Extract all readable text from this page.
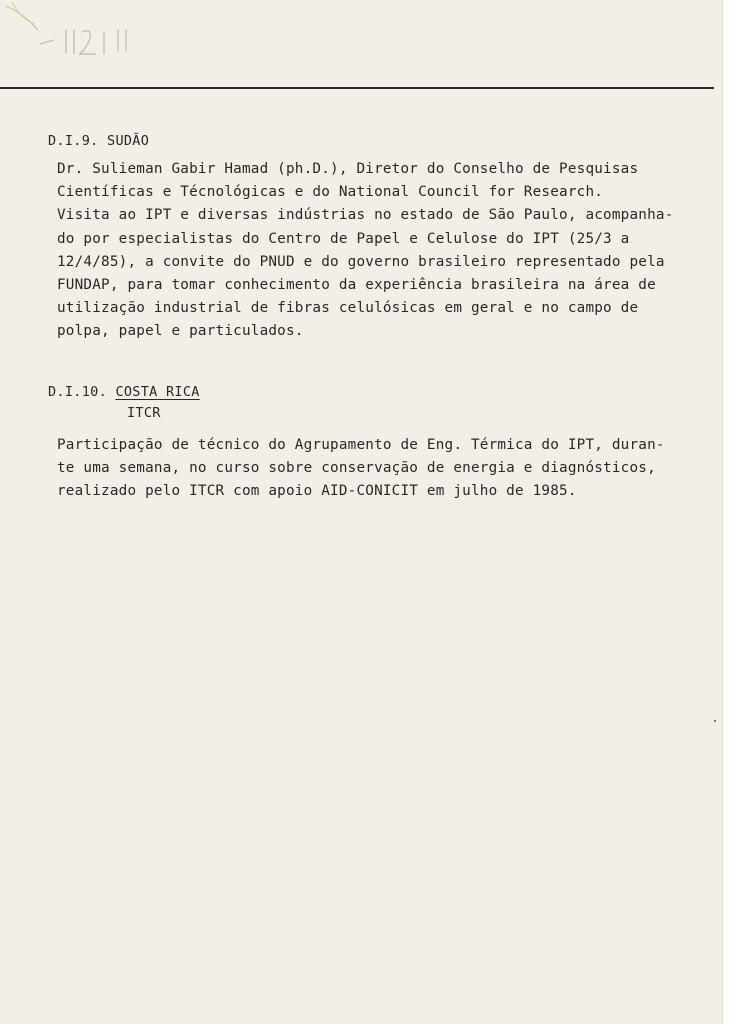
D.I.9. SUDÃO
Dr. Sulieman Gabir Hamad (ph.D.), Diretor do Conselho de Pesquisas
Científicas e Técnológicas e do National Council for Research.
Visita ao IPT e diversas indústrias no estado de São Paulo, acompanha-
do por especialistas do Centro de Papel e Celulose do IPT (25/3 a
12/4/85), a convite do PNUD e do governo brasileiro representado pela
FUNDAP, para tomar conhecimento da experiência brasileira na área de
utilização industrial de fibras celulósicas em geral e no campo de
polpa, papel e particulados.
D.I.10. COSTA RICA
ITCR
Participação de técnico do Agrupamento de Eng. Térmica do IPT, duran-
te uma semana, no curso sobre conservação de energia e diagnósticos,
realizado pelo ITCR com apoio AID-CONICIT em julho de 1985.
